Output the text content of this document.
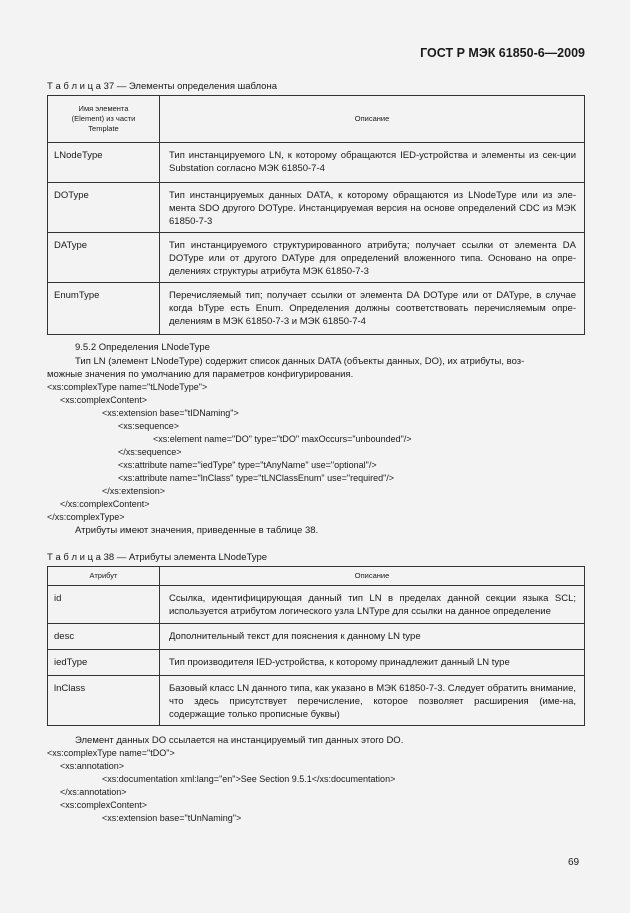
ГОСТ Р МЭК 61850-6—2009
Т а б л и ц а 37 — Элементы определения шаблона
Имя элемента
(Element) из части
Template	Описание
LNodeType	Тип инстанцируемого LN, к которому обращаются IED-устройства и элементы из сек-ции Substation согласно МЭК 61850-7-4
DOType	Тип инстанцируемых данных DATA, к которому обращаются из LNodeType или из эле-мента SDO другого DOType. Инстанцируемая версия на основе определений CDC из МЭК 61850-7-3
DAType	Тип инстанцируемого структурированного атрибута; получает ссылки от элемента DA DOType или от другого DAType для определений вложенного типа. Основано на опре-делениях структуры атрибута МЭК 61850-7-3
EnumType	Перечисляемый тип; получает ссылки от элемента DA DOType или от DAType, в случае когда bType есть Enum. Определения должны соответствовать перечисляемым опре-делениям в МЭК 61850-7-3 и МЭК 61850-7-4
9.5.2 Определения LNodeType
Тип LN (элемент LNodeType) содержит список данных DATA (объекты данных, DO), их атрибуты, воз-
можные значения по умолчанию для параметров конфигурирования.
<xs:complexType name="tLNodeType">
<xs:complexContent>
<xs:extension base="tIDNaming">
<xs:sequence>
<xs:element name="DO" type="tDO" maxOccurs="unbounded"/>
</xs:sequence>
<xs:attribute name="iedType" type="tAnyName" use="optional"/>
<xs:attribute name="lnClass" type="tLNClassEnum" use="required"/>
</xs:extension>
</xs:complexContent>
</xs:complexType>
Атрибуты имеют значения, приведенные в таблице 38.
Т а б л и ц а 38 — Атрибуты элемента LNodeType
Атрибут	Описание
id	Ссылка, идентифицирующая данный тип LN в пределах данной секции языка SCL; используется атрибутом логического узла LNType для ссылки на данное определение
desc	Дополнительный текст для пояснения к данному LN type
iedType	Тип производителя IED-устройства, к которому принадлежит данный LN type
lnClass	Базовый класс LN данного типа, как указано в МЭК 61850-7-3. Следует обратить внимание, что здесь присутствует перечисление, которое позволяет расширения (име-на, содержащие только прописные буквы)
Элемент данных DO ссылается на инстанцируемый тип данных этого DO.
<xs:complexType name="tDO">
<xs:annotation>
<xs:documentation xml:lang="en">See Section 9.5.1</xs:documentation>
</xs:annotation>
<xs:complexContent>
<xs:extension base="tUnNaming">
69
